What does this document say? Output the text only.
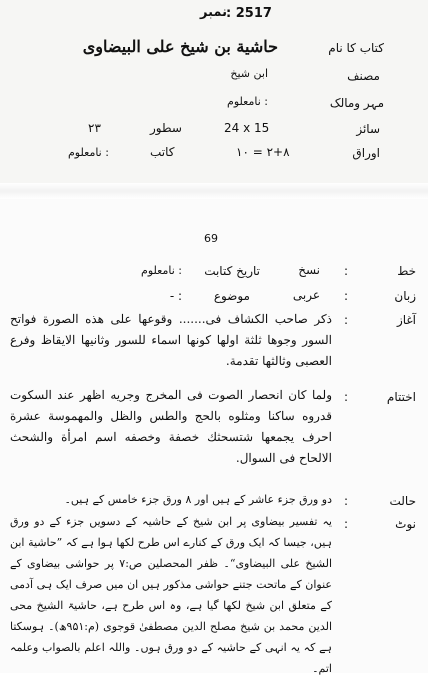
: 2517
نمبر
کتاب کا نام
حاشية بن شيخ على البيضاوى
مصنف
ابن شیخ
مہر ومالک
: نامعلوم
سائز
24 x 15
سطور
۲۳
اوراق
۲+۸ = ۱۰
کاتب
: نامعلوم
69
خط
:
نسخ
تاریخ کتابت
: نامعلوم
زبان
:
عربی
موضوع
: -
آغاز
:
ذکر صاحب الکشاف فی....... وقوعها علی هذه الصورة فواتح السور وجوها ثلثة اولها كونها اسماء للسور وثانيها الايقاظ وفرع العصبى وثالثها تقدمة.
اختتام
:
ولما كان انحصار الصوت فى المخرج وجريه اظهر عند السكوت قدروه ساكنا ومثلوه بالحج والطس والظل والمهموسة عشرة احرف يجمعها شتسحثك خصفة وخصفه اسم امرأة والشحث الالحاح فى السوال.
حالت
:
دو ورق جزء عاشر کے ہیں اور ۸ ورق جزء خامس کے ہیں۔
نوٹ
:
یہ تفسیر بیضاوی پر ابن شیخ کے حاشیہ کے دسویں جزء کے دو ورق ہیں، جیسا کہ ایک ورق کے کنارے اس طرح لکھا ہوا ہے کہ ”حاشية ابن الشيخ على البيضاوى“۔ ظفر المحصلین ص:۷ پر حواشی بیضاوی کے عنوان کے ماتحت جتنے حواشی مذکور ہیں ان میں صرف ایک ہی آدمی کے متعلق ابن شیخ لکھا گیا ہے، وہ اس طرح ہے، حاشیۃ الشیخ محی الدین محمد بن شیخ مصلح الدین مصطفیٰ قوجوی (م:۹۵۱ھ)۔ ہوسکتا ہے کہ یہ انہی کے حاشیہ کے دو ورق ہوں۔ واللہ اعلم بالصواب وعلمہ اتم۔
